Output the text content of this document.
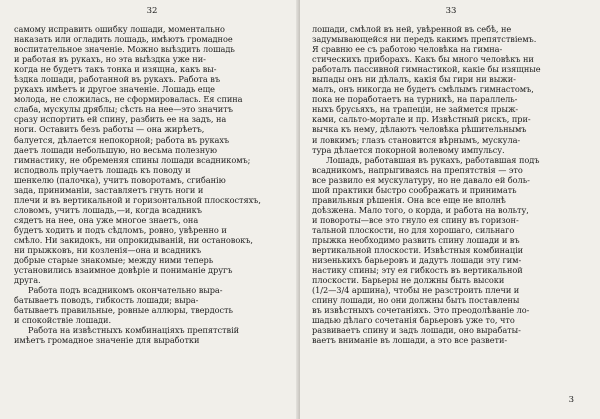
32
самому исправить ошибку лошади, моментально
наказать или огладить лошадь, имѣютъ громадное
воспитательное значеніе. Можно выѣздить лошадь
и работая въ рукахъ, но эта выѣздка уже ни-
когда не будетъ такъ тонка и изящна, какъ вы-
ѣздка лошади, работанной въ рукахъ. Работа въ
рукахъ имѣетъ и другое значеніе. Лошадь еще
молода, не сложилась, не сформировалась. Ея спина
слаба, мускулы дряблы; сѣсть на нее—это значитъ
сразу испортить ей спину, разбить ее на задъ, на
ноги. Оставить безъ работы — она жирѣетъ,
балуется, дѣлается непокорной; работа въ рукахъ
даетъ лошади небольшую, но весьма полезную
гимнастику, не обременяя спины лошади всадникомъ;
исподволь пріучаетъ лошадь къ поводу и
шенкелю (палочка), учитъ поворотамъ, сгибанію
зада, приниманіи, заставляетъ гнуть ноги и
плечи и въ вертикальной и горизонтальной плоскостяхъ,
словомъ, учитъ лошадь,—и, когда всадникъ
сядетъ на нее, она уже многое знаетъ, она
будетъ ходить и подъ сѣдломъ, ровно, увѣренно и
смѣло. Ни закидокъ, ни опрокидываній, ни остановокъ,
ни прыжковъ, ни козленія—она и всадникъ
добрые старые знакомые; между ними теперь
установились взаимное довѣріе и пониманіе другъ
друга.
Работа подъ всадникомъ окончательно выра-
батываетъ поводъ, гибкость лошади; выра-
батываетъ правильные, ровные аллюры, твердость
и спокойствіе лошади.
Работа на извѣстныхъ комбинаціяхъ препятствій
имѣетъ громадное значеніе для выработки
33
лошади, смѣлой въ ней, увѣренной въ себѣ, не
задумывающейся ни передъ какимъ препятствіемъ.
Я сравню ее съ работою человѣка на гимна-
стическихъ приборахъ. Какъ бы много человѣкъ ни
работалъ пассивной гимнастикой, какіе бы изящные
выпады онъ ни дѣлалъ, какія бы гири ни выжи-
малъ, онъ никогда не будетъ смѣлымъ гимнастомъ,
пока не поработаетъ на турникѣ, на параллель-
ныхъ брусьяхъ, на трапеціи, не займется прыж-
ками, сальто-мортале и пр. Извѣстный рискъ, при-
вычка къ нему, дѣлаютъ человѣка рѣшительнымъ
и ловкимъ; глазъ становится вѣрнымъ, мускула-
тура дѣлается покорной волевому импульсу.
Лошадь, работавшая въ рукахъ, работавшая подъ
всадникомъ, напрыгиваясь на препятствія — это
все развило ея мускулатуру, но не давало ей боль-
шой практики быстро соображать и принимать
правильныя рѣшенія. Она все еще не вполнѣ
доѣзжена. Мало того, о корда, и работа на вольту,
и повороты—все это гнуло ея спину въ горизон-
тальной плоскости, но для хорошаго, сильнаго
прыжка необходимо развить спину лошади и въ
вертикальной плоскости. Извѣстныя комбинаціи
низенькихъ барьеровъ и дадутъ лошади эту гим-
настику спины; эту ея гибкость въ вертикальной
плоскости. Барьеры не должны быть высоки
(1/2—3/4 аршина), чтобы не разстроить плечи и
спину лошади, но они должны быть поставлены
въ извѣстныхъ сочетаніяхъ. Это преодолѣваніе ло-
шадью дѣлаго сочетанія барьеровъ уже то, что
развиваетъ спину и задъ лошади, оно вырабаты-
ваетъ вниманіе въ лошади, а это все развети-
3
